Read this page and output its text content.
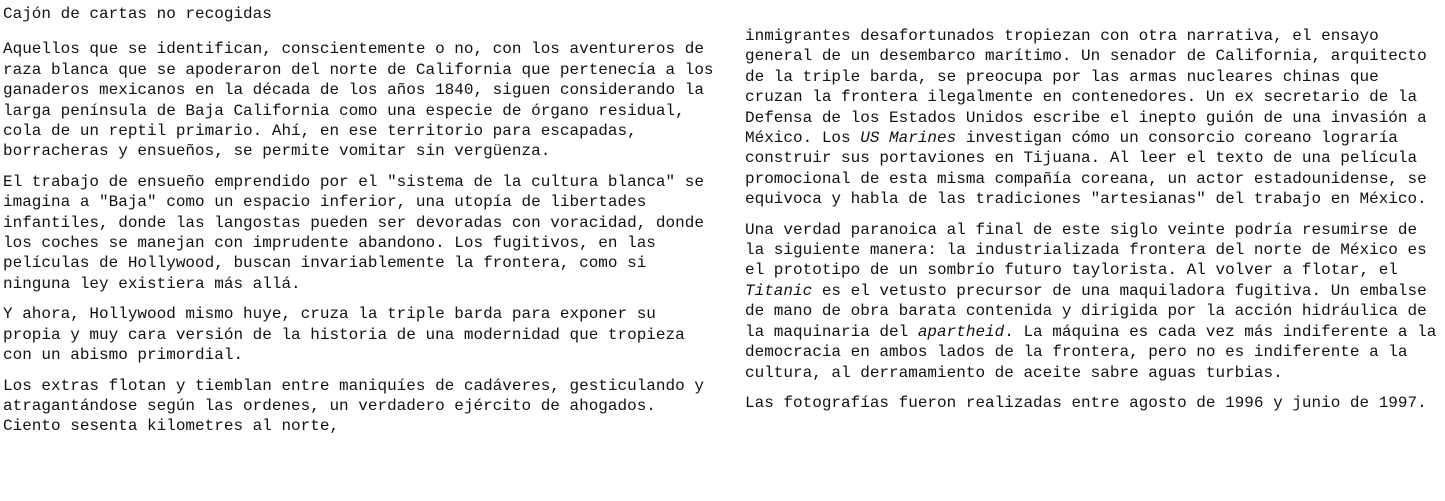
Cajón de cartas no recogidas

Aquellos que se identifican, conscientemente o no, con los aventureros de raza blanca que se apoderaron del norte de California que pertenecía a los ganaderos mexicanos en la década de los años 1840, siguen considerando la larga península de Baja California como una especie de órgano residual, cola de un reptil primario. Ahí, en ese territorio para escapadas, borracheras y ensueños, se permite vomitar sin vergüenza.

El trabajo de ensueño emprendido por el "sistema de la cultura blanca" se imagina a "Baja" como un espacio inferior, una utopía de libertades infantiles, donde las langostas pueden ser devoradas con voracidad, donde los coches se manejan con imprudente abandono. Los fugitivos, en las películas de Hollywood, buscan invariablemente la frontera, como si ninguna ley existiera más allá.

Y ahora, Hollywood mismo huye, cruza la triple barda para exponer su propia y muy cara versión de la historia de una modernidad que tropieza con un abismo primordial.

Los extras flotan y tiemblan entre maniquíes de cadáveres, gesticulando y atragantándose según las ordenes, un verdadero ejército de ahogados. Ciento sesenta kilometres al norte,

inmigrantes desafortunados tropiezan con otra narrativa, el ensayo general de un desembarco marítimo. Un senador de California, arquitecto de la triple barda, se preocupa por las armas nucleares chinas que cruzan la frontera ilegalmente en contenedores. Un ex secretario de la Defensa de los Estados Unidos escribe el inepto guión de una invasión a México. Los US Marines investigan cómo un consorcio coreano lograría construir sus portaviones en Tijuana. Al leer el texto de una película promocional de esta misma compañía coreana, un actor estadounidense, se equivoca y habla de las tradiciones "artesianas" del trabajo en México.

Una verdad paranoica al final de este siglo veinte podría resumirse de la siguiente manera: la industrializada frontera del norte de México es el prototipo de un sombrío futuro taylorista. Al volver a flotar, el Titanic es el vetusto precursor de una maquiladora fugitiva. Un embalse de mano de obra barata contenida y dirigida por la acción hidráulica de la maquinaria del apartheid. La máquina es cada vez más indiferente a la democracia en ambos lados de la frontera, pero no es indiferente a la cultura, al derramamiento de aceite sabre aguas turbias.

Las fotografías fueron realizadas entre agosto de 1996 y junio de 1997.
